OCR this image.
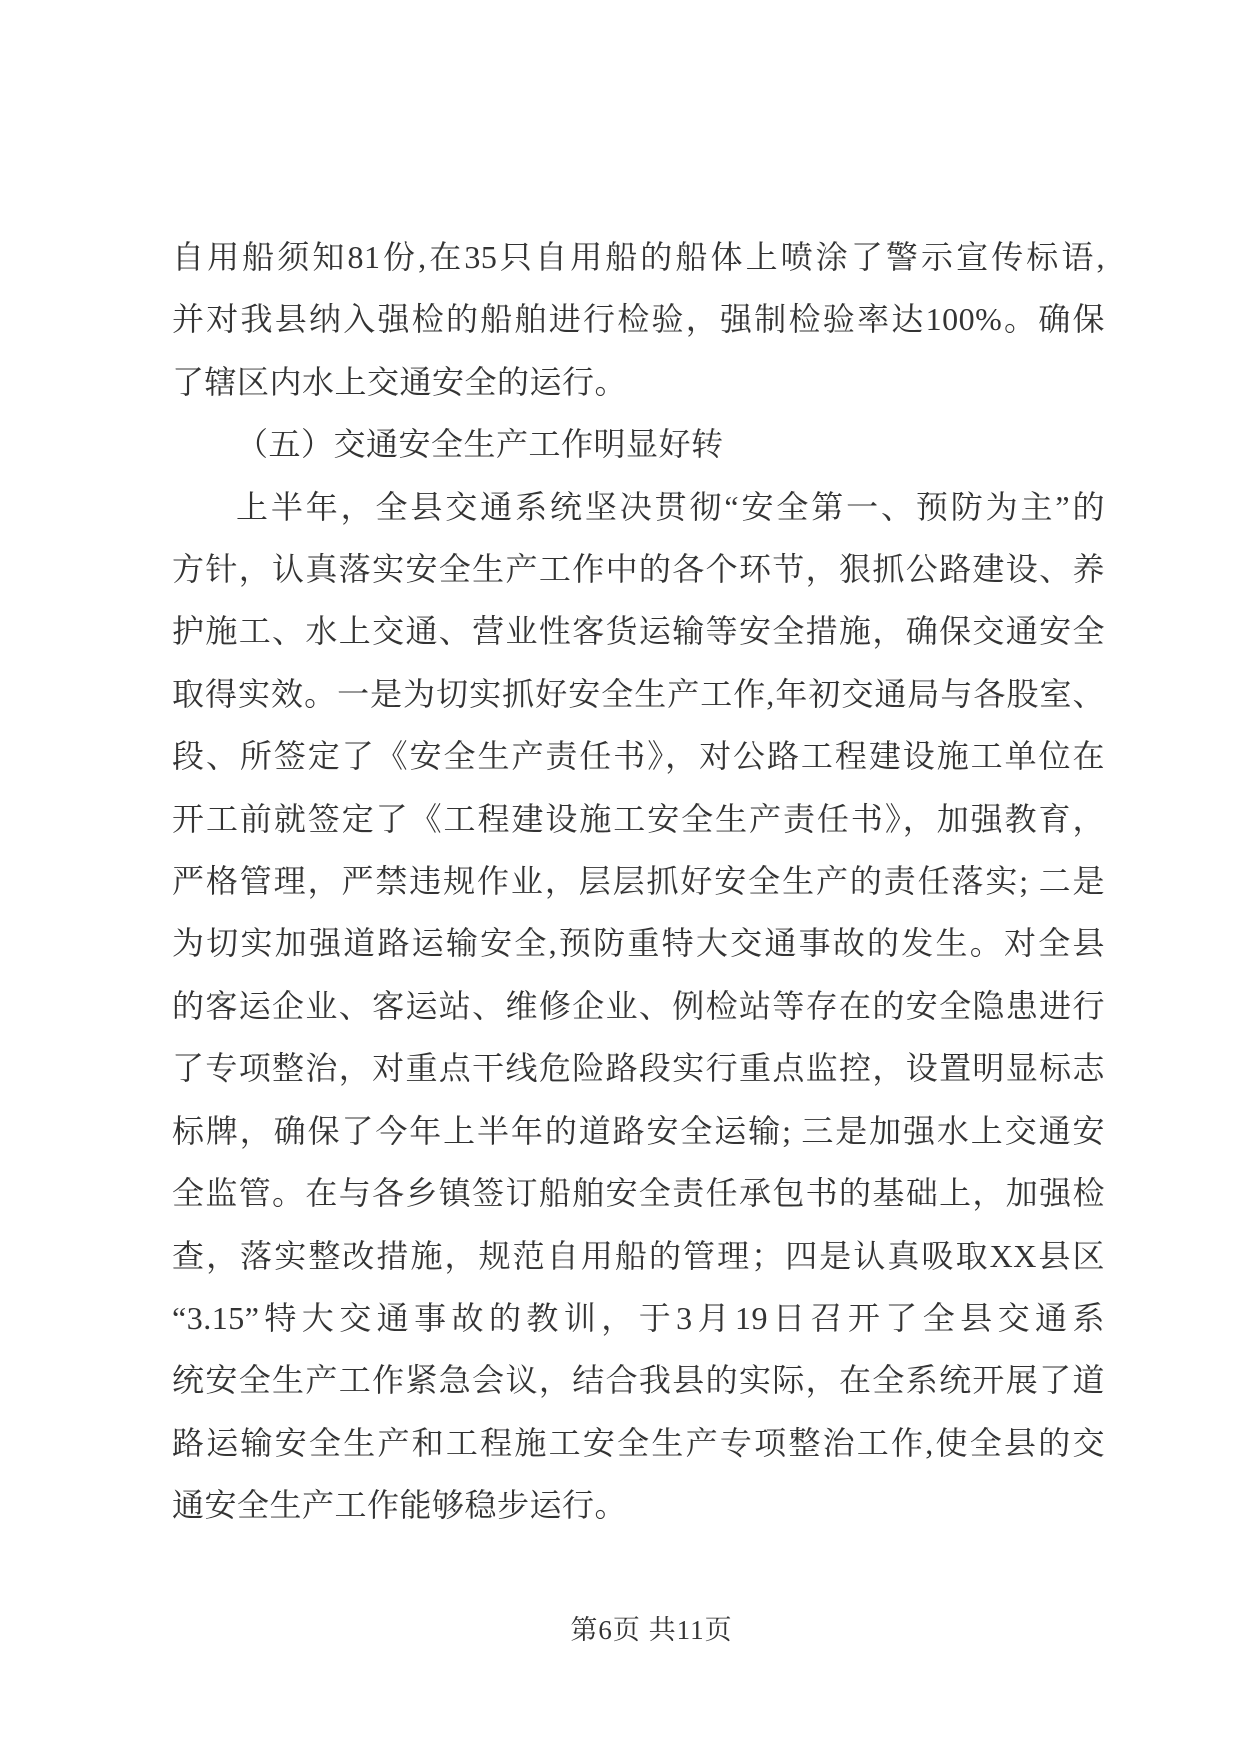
自用船须知81份,在35只自用船的船体上喷涂了警示宣传标语,
并对我县纳入强检的船舶进行检验，强制检验率达100%。确保
了辖区内水上交通安全的运行。
（五）交通安全生产工作明显好转
上半年，全县交通系统坚决贯彻“安全第一、预防为主”的
方针，认真落实安全生产工作中的各个环节，狠抓公路建设、养
护施工、水上交通、营业性客货运输等安全措施，确保交通安全
取得实效。一是为切实抓好安全生产工作,年初交通局与各股室、
段、所签定了《安全生产责任书》，对公路工程建设施工单位在
开工前就签定了《工程建设施工安全生产责任书》，加强教育，
严格管理，严禁违规作业，层层抓好安全生产的责任落实; 二是
为切实加强道路运输安全,预防重特大交通事故的发生。对全县
的客运企业、客运站、维修企业、例检站等存在的安全隐患进行
了专项整治，对重点干线危险路段实行重点监控，设置明显标志
标牌，确保了今年上半年的道路安全运输; 三是加强水上交通安
全监管。在与各乡镇签订船舶安全责任承包书的基础上，加强检
查，落实整改措施，规范自用船的管理；四是认真吸取XX县区
“3.15”特大交通事故的教训，于3月19日召开了全县交通系
统安全生产工作紧急会议，结合我县的实际，在全系统开展了道
路运输安全生产和工程施工安全生产专项整治工作,使全县的交
通安全生产工作能够稳步运行。
第6页 共11页
